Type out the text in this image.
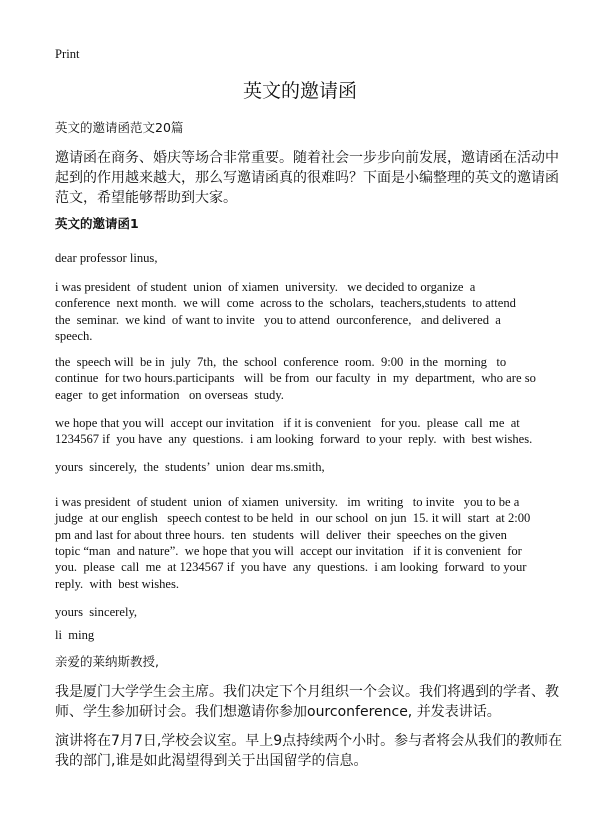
Print
英文的邀请函
英文的邀请函范文20篇
邀请函在商务、婚庆等场合非常重要。随着社会一步步向前发展，邀请函在活动中
起到的作用越来越大，那么写邀请函真的很难吗？下面是小编整理的英文的邀请函
范文，希望能够帮助到大家。
英文的邀请函1
dear professor linus,
i was president  of student  union  of xiamen  university.   we decided to organize  a
conference  next month.  we will  come  across to the  scholars,  teachers,students  to attend
the  seminar.  we kind  of want to invite   you to attend  ourconference,   and delivered  a
speech.
the  speech will  be in  july  7th,  the  school  conference  room.  9:00  in the  morning   to
continue  for two hours.participants   will  be from  our faculty  in  my  department,  who are so
eager  to get information   on overseas  study.
we hope that you will  accept our invitation   if it is convenient   for you.  please  call  me  at
1234567 if  you have  any  questions.  i am looking  forward  to your  reply.  with  best wishes.
yours  sincerely,  the  students’  union  dear ms.smith,
i was president  of student  union  of xiamen  university.   im  writing   to invite   you to be a
judge  at our english   speech contest to be held  in  our school  on jun  15. it will  start  at 2:00
pm and last for about three hours.  ten  students  will  deliver  their  speeches on the given
topic “man  and nature”.  we hope that you will  accept our invitation   if it is convenient  for
you.  please  call  me  at 1234567 if  you have  any  questions.  i am looking  forward  to your
reply.  with  best wishes.
yours  sincerely,
li  ming
亲爱的莱纳斯教授,
我是厦门大学学生会主席。我们决定下个月组织一个会议。我们将遇到的学者、教
师、学生参加研讨会。我们想邀请你参加ourconference, 并发表讲话。
演讲将在7月7日,学校会议室。早上9点持续两个小时。参与者将会从我们的教师在
我的部门,谁是如此渴望得到关于出国留学的信息。
